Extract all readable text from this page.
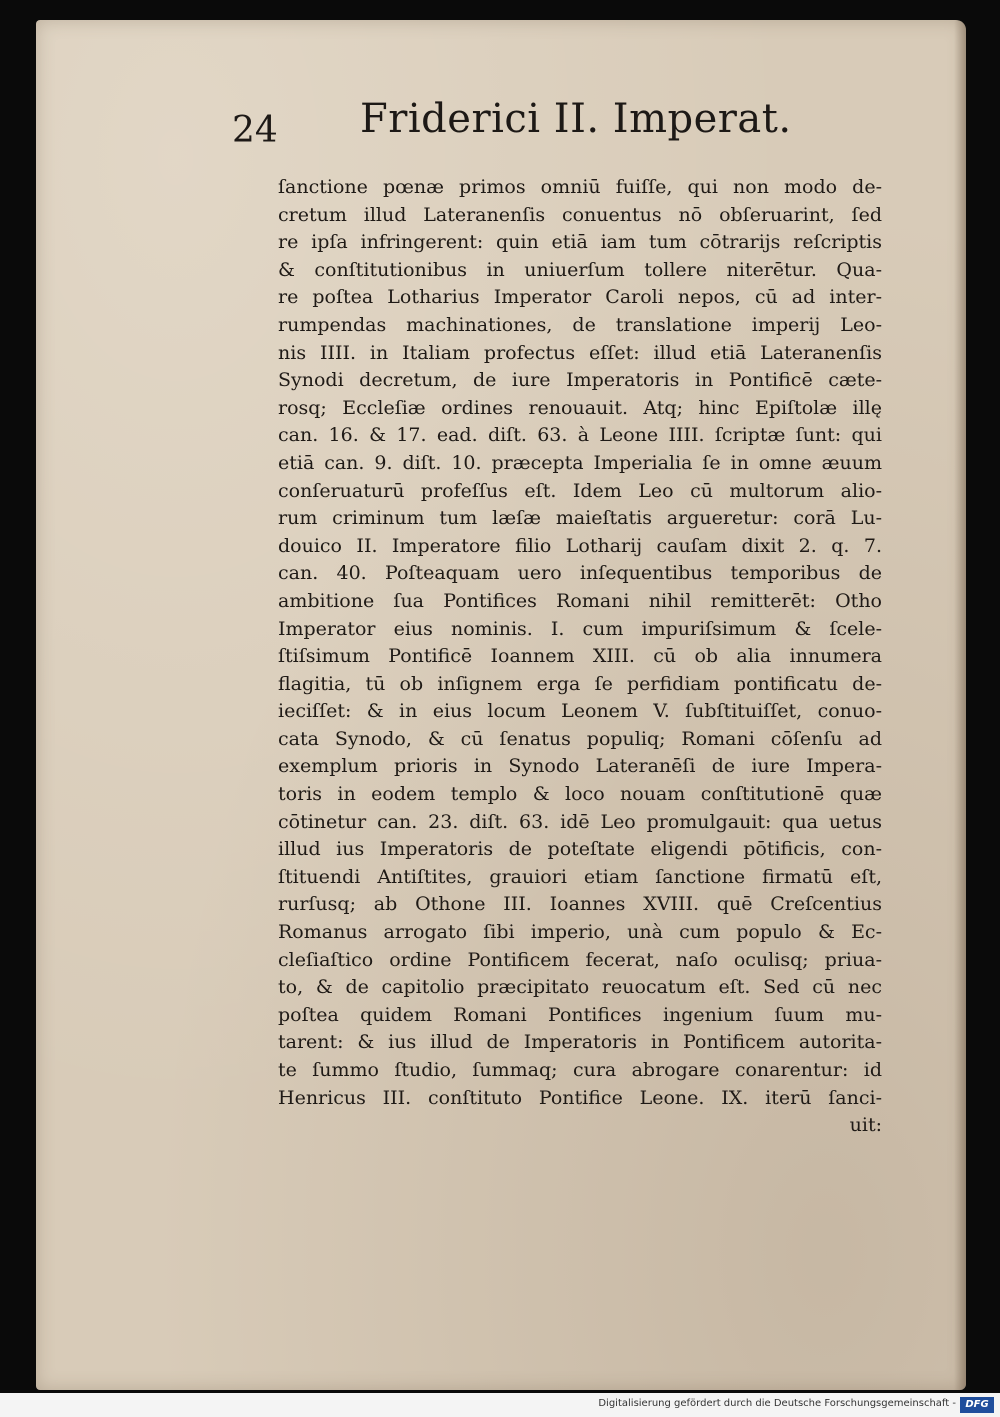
24 Friderici II. Imperat.
ſanctione pœnæ primos omniū fuiſſe, qui non modo de-
cretum illud Lateranenſis conuentus nō obſeruarint, ſed
re ipſa infringerent: quin etiā iam tum cōtrarijs reſcriptis
& conſtitutionibus in uniuerſum tollere niterētur. Qua-
re poſtea Lotharius Imperator Caroli nepos, cū ad inter-
rumpendas machinationes, de translatione imperij Leo-
nis IIII. in Italiam profectus eſſet: illud etiā Lateranenſis
Synodi decretum, de iure Imperatoris in Pontificē cæte-
rosq; Eccleſiæ ordines renouauit. Atq; hinc Epiſtolæ illę
can. 16. & 17. ead. diſt. 63. à Leone IIII. ſcriptæ ſunt: qui
etiā can. 9. diſt. 10. præcepta Imperialia ſe in omne æuum
conſeruaturū profeſſus eſt. Idem Leo cū multorum alio-
rum criminum tum læſæ maieſtatis argueretur: corā Lu-
douico II. Imperatore filio Lotharij cauſam dixit 2. q. 7.
can. 40. Poſteaquam uero inſequentibus temporibus de
ambitione ſua Pontifices Romani nihil remitterēt: Otho
Imperator eius nominis. I. cum impuriſsimum & ſcele-
ſtiſsimum Pontificē Ioannem XIII. cū ob alia innumera
flagitia, tū ob inſignem erga ſe perfidiam pontificatu de-
ieciſſet: & in eius locum Leonem V. ſubſtituiſſet, conuo-
cata Synodo, & cū ſenatus populiq; Romani cōſenſu ad
exemplum prioris in Synodo Lateranēſi de iure Impera-
toris in eodem templo & loco nouam conſtitutionē quæ
cōtinetur can. 23. diſt. 63. idē Leo promulgauit: qua uetus
illud ius Imperatoris de poteſtate eligendi pōtificis, con-
ſtituendi Antiſtites, grauiori etiam ſanctione firmatū eſt,
rurſusq; ab Othone III. Ioannes XVIII. quē Creſcentius
Romanus arrogato ſibi imperio, unà cum populo & Ec-
cleſiaſtico ordine Pontificem fecerat, naſo oculisq; priua-
to, & de capitolio præcipitato reuocatum eſt. Sed cū nec
poſtea quidem Romani Pontifices ingenium ſuum mu-
tarent: & ius illud de Imperatoris in Pontificem autorita-
te ſummo ſtudio, ſummaq; cura abrogare conarentur: id
Henricus III. conſtituto Pontifice Leone. IX. iterū ſanci-
uit:
Digitalisierung gefördert durch die Deutsche Forschungsgemeinschaft - DFG
